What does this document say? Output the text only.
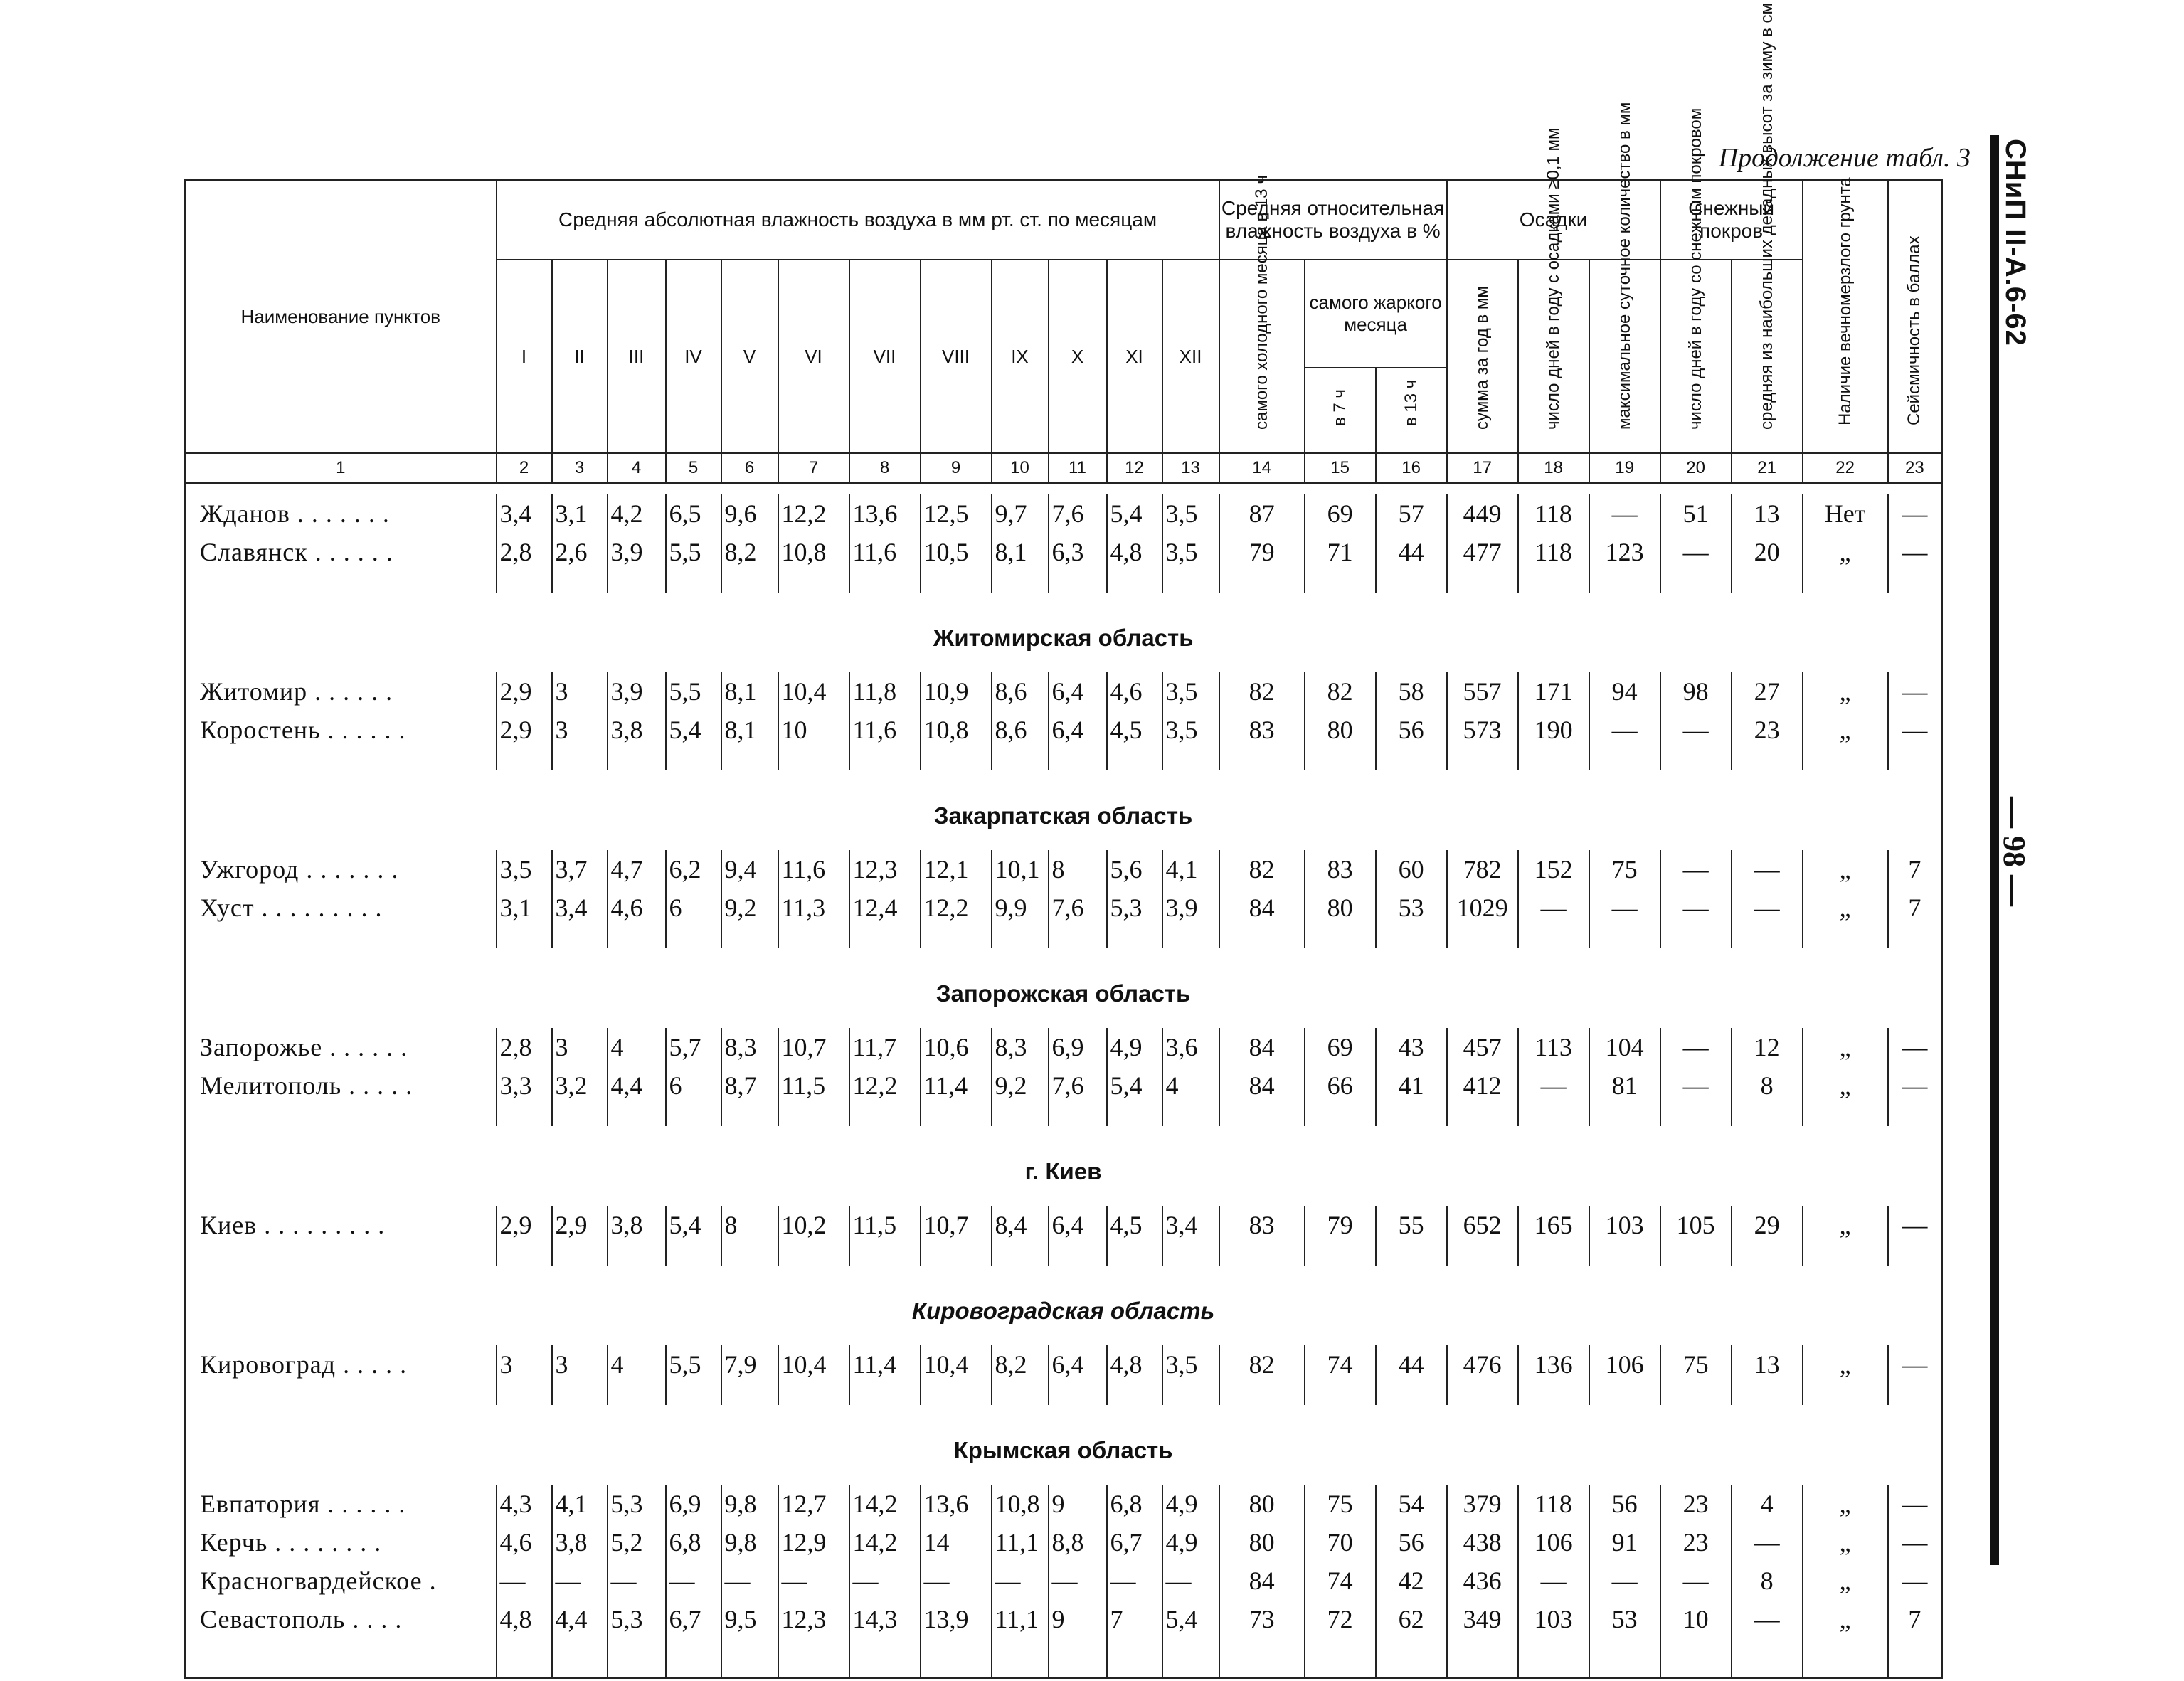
Продолжение табл. 3 СНиП II-А.6-62
— 98 —
Наименование пунктов	Средняя абсолютная влажность воздуха в мм рт. ст. по месяцам												Средняя относительная влажность воздуха в %			Осадки			Снежный покров		Наличие вечномерзлого грунта	Сейсмичность в баллах

	I	II	III	IV	V	VI	VII	VIII	IX	X	XI	XII	самого холодного месяца в 13 ч	самого жаркого месяца		сумма за год в мм	число дней в году с осадками ≥0,1 мм	максимальное суточное количество в мм	число дней в году со снежным покровом	средняя из наибольших декадных высот за зиму в см		

														в 7 ч	в 13 ч							

1	2	3	4	5	6	7	8	9	10	11	12	13	14	15	16	17	18	19	20	21	22	23

Жданов . . . . . . .	3,4	3,1	4,2	6,5	9,6	12,2	13,6	12,5	9,7	7,6	5,4	3,5	87	69	57	449	118	—	51	13	Нет	—
Славянск . . . . . .	2,8	2,6	3,9	5,5	8,2	10,8	11,6	10,5	8,1	6,3	4,8	3,5	79	71	44	477	118	123	—	20	„	—

Житомирская область																						
Житомир . . . . . .	2,9	3	3,9	5,5	8,1	10,4	11,8	10,9	8,6	6,4	4,6	3,5	82	82	58	557	171	94	98	27	„	—
Коростень . . . . . .	2,9	3	3,8	5,4	8,1	10	11,6	10,8	8,6	6,4	4,5	3,5	83	80	56	573	190	—	—	23	„	—

Закарпатская область																						
Ужгород . . . . . . .	3,5	3,7	4,7	6,2	9,4	11,6	12,3	12,1	10,1	8	5,6	4,1	82	83	60	782	152	75	—	—	„	7
Хуст . . . . . . . . .	3,1	3,4	4,6	6	9,2	11,3	12,4	12,2	9,9	7,6	5,3	3,9	84	80	53	1029	—	—	—	—	„	7

Запорожская область																						
Запорожье . . . . . .	2,8	3	4	5,7	8,3	10,7	11,7	10,6	8,3	6,9	4,9	3,6	84	69	43	457	113	104	—	12	„	—
Мелитополь . . . . .	3,3	3,2	4,4	6	8,7	11,5	12,2	11,4	9,2	7,6	5,4	4	84	66	41	412	—	81	—	8	„	—

г. Киев																						
Киев . . . . . . . . .	2,9	2,9	3,8	5,4	8	10,2	11,5	10,7	8,4	6,4	4,5	3,4	83	79	55	652	165	103	105	29	„	—

Кировоградская область																						
Кировоград . . . . .	3	3	4	5,5	7,9	10,4	11,4	10,4	8,2	6,4	4,8	3,5	82	74	44	476	136	106	75	13	„	—

Крымская область																						
Евпатория . . . . . .	4,3	4,1	5,3	6,9	9,8	12,7	14,2	13,6	10,8	9	6,8	4,9	80	75	54	379	118	56	23	4	„	—
Керчь . . . . . . . .	4,6	3,8	5,2	6,8	9,8	12,9	14,2	14	11,1	8,8	6,7	4,9	80	70	56	438	106	91	23	—	„	—
Красногвардейское .	—	—	—	—	—	—	—	—	—	—	—	—	84	74	42	436	—	—	—	8	„	—
Севастополь . . . .	4,8	4,4	5,3	6,7	9,5	12,3	14,3	13,9	11,1	9	7	5,4	73	72	62	349	103	53	10	—	„	7
